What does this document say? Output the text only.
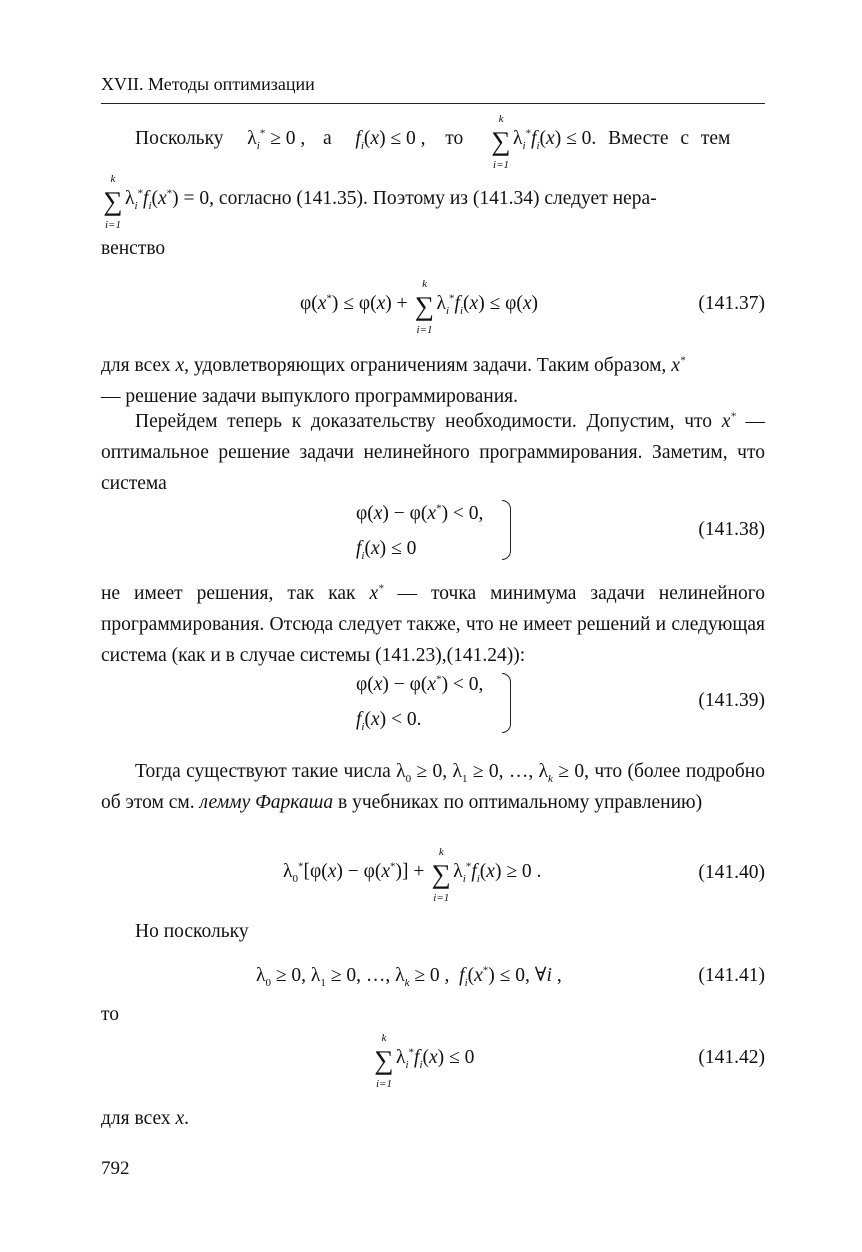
XVII. Методы оптимизации
Поскольку $\lambda_i^* \ge 0$ , а $f_i(x) \le 0$ , то
k
∑
i=1
$\lambda_i^*f_i(x) \le 0$. Вместе с тем
k
∑
i=1
$\lambda_i^*f_i(x^*) = 0$, согласно (141.35). Поэтому из (141.34) следует нера-
венство
φ(x*) ≤ φ(x) +
k
∑
i=1
$\lambda_i^*f_i(x) \le \varphi(x)$	(141.37)
для всех x, удовлетворяющих ограничениям задачи. Таким образом, x*
— решение задачи выпуклого программирования.
Перейдем теперь к доказательству необходимости. Допустим, что x* — оптимальное решение задачи нелинейного программирования. Заметим, что система
φ(x) − φ(x*) < 0,
$f_i(x) \le 0$
(141.38)
не имеет решения, так как x* — точка минимума задачи нелинейного программирования. Отсюда следует также, что не имеет решений и следующая система (как и в случае системы (141.23),(141.24)):
φ(x) − φ(x*) < 0,
$f_i(x) < 0$.
(141.39)
Тогда существуют такие числа $\lambda_0 \ge 0$, $\lambda_1 \ge 0$, …, $\lambda_k \ge 0$, что (более подробно об этом см. лемму Фаркаша в учебниках по оптимальному управлению)
$\lambda_0^*[\varphi(x) - \varphi(x^*)]$ +
k
∑
i=1
$\lambda_i^*f_i(x) \ge 0$ .	(141.40)
Но поскольку
$\lambda_0 \ge 0$, $\lambda_1 \ge 0$, …, $\lambda_k \ge 0$ ,  $f_i(x^*) \le 0$, ∀i ,	(141.41)
то
k
∑
i=1
$\lambda_i^*f_i(x) \le 0$	(141.42)
для всех x.
792
